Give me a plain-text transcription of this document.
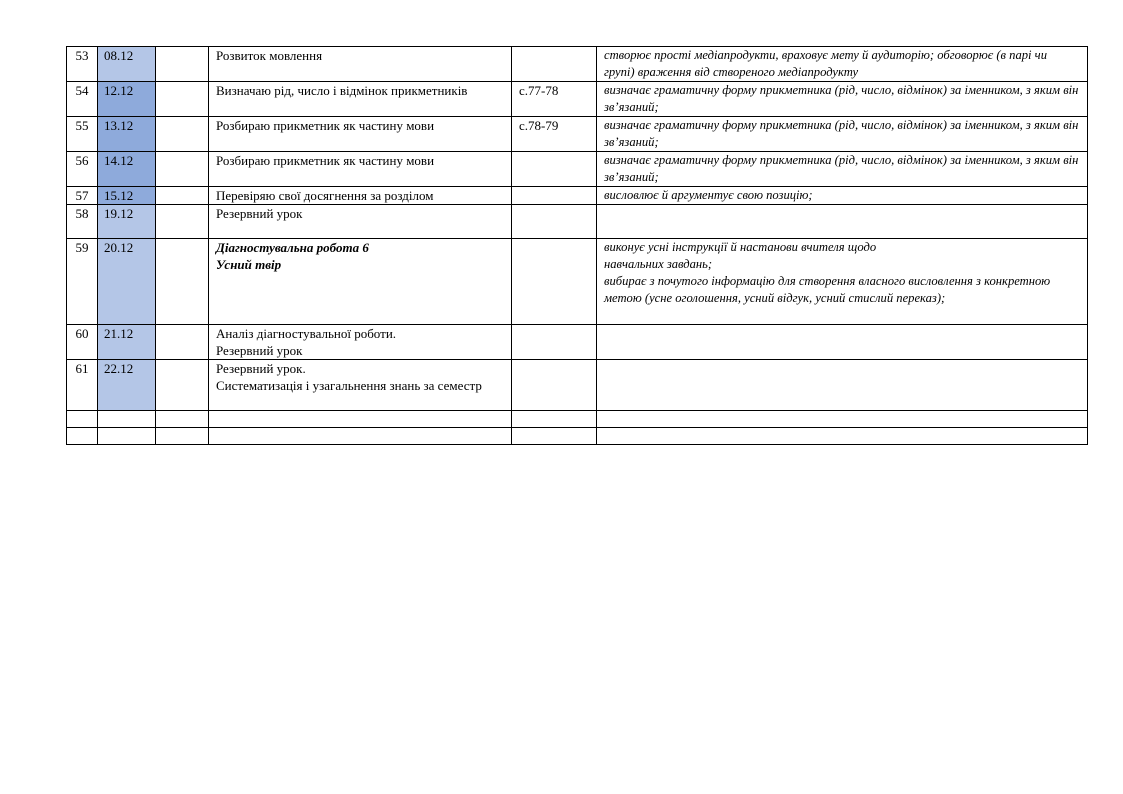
53	08.12		Розвиток мовлення		створює прості медіапродукти, враховує мету й аудиторію; обговорює (в парі чи групі) враження від створеного медіапродукту

54	12.12		Визначаю рід, число і відмінок прикметників	с.77-78	визначає граматичну форму прикметника (рід, число, відмінок) за іменником, з яким він зв’язаний;

55	13.12		Розбираю прикметник як частину мови	с.78-79	визначає граматичну форму прикметника (рід, число, відмінок) за іменником, з яким він зв’язаний;

56	14.12		Розбираю прикметник як частину мови		визначає граматичну форму прикметника (рід, число, відмінок) за іменником, з яким він зв’язаний;

57	15.12		Перевіряю свої досягнення за розділом		висловлює й аргументує свою позицію;

58	19.12		Резервний урок		

59	20.12		Діагностувальна робота 6
Усний твір		виконує усні інструкції й настанови вчителя щодо
навчальних завдань;
вибирає з почутого інформацію для створення власного висловлення з конкретною метою (усне оголошення, усний відгук, усний стислий переказ);

60	21.12		Аналіз діагностувальної роботи.
Резервний урок		

61	22.12		Резервний урок.
Систематизація і узагальнення знань за семестр		
